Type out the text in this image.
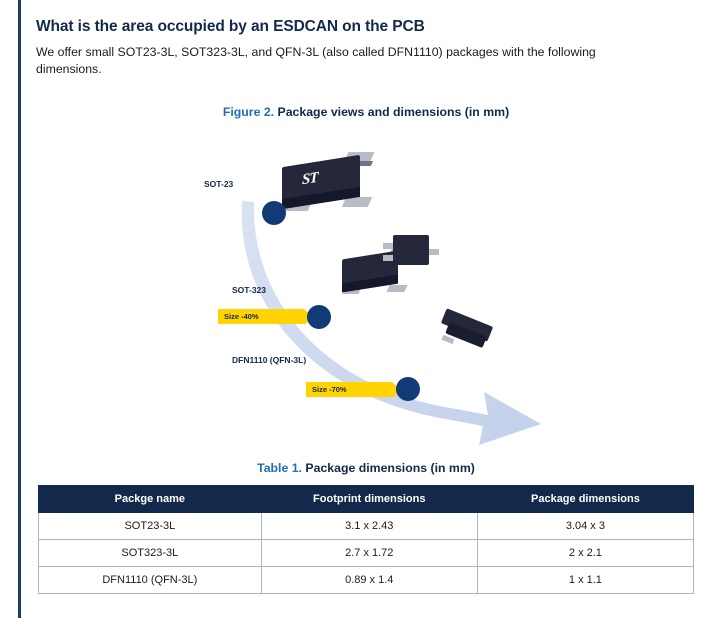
What is the area occupied by an ESDCAN on the PCB

We offer small SOT23-3L, SOT323-3L, and QFN-3L (also called DFN1110) packages with the following dimensions.

Figure 2. Package views and dimensions (in mm)
ST
SOT-23
SOT-323
DFN1110 (QFN-3L)
Size -40%
Size -70%
Table 1. Package dimensions (in mm)
Packge name	Footprint dimensions	Package dimensions
SOT23-3L	3.1 x 2.43	3.04 x 3
SOT323-3L	2.7 x 1.72	2 x 2.1
DFN1110 (QFN-3L)	0.89 x 1.4	1 x 1.1
